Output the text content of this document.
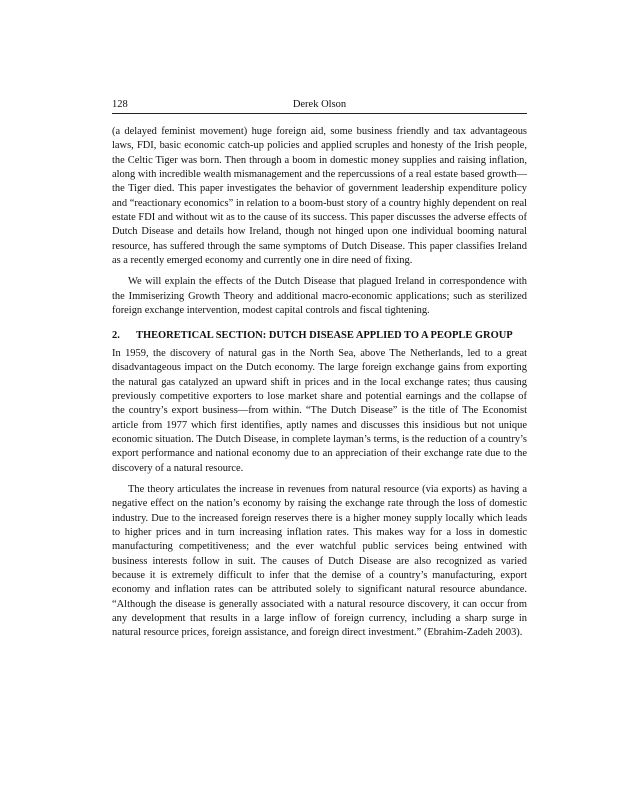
128	Derek Olson

(a delayed feminist movement) huge foreign aid, some business friendly and tax advantageous laws, FDI, basic economic catch-up policies and applied scruples and honesty of the Irish people, the Celtic Tiger was born. Then through a boom in domestic money supplies and raising inflation, along with incredible wealth mismanagement and the repercussions of a real estate based growth—the Tiger died. This paper investigates the behavior of government leadership expenditure policy and “reactionary economics” in relation to a boom-bust story of a country highly dependent on real estate FDI and without wit as to the cause of its success. This paper discusses the adverse effects of Dutch Disease and details how Ireland, though not hinged upon one individual booming natural resource, has suffered through the same symptoms of Dutch Disease. This paper classifies Ireland as a recently emerged economy and currently one in dire need of fixing.

We will explain the effects of the Dutch Disease that plagued Ireland in correspondence with the Immiserizing Growth Theory and additional macro-economic applications; such as sterilized foreign exchange intervention, modest capital controls and fiscal tightening.

2.	THEORETICAL SECTION: DUTCH DISEASE APPLIED TO A PEOPLE GROUP

In 1959, the discovery of natural gas in the North Sea, above The Netherlands, led to a great disadvantageous impact on the Dutch economy. The large foreign exchange gains from exporting the natural gas catalyzed an upward shift in prices and in the local exchange rates; thus causing previously competitive exporters to lose market share and potential earnings and the collapse of the country’s export business—from within. “The Dutch Disease” is the title of The Economist article from 1977 which first identifies, aptly names and discusses this insidious but not unique economic situation. The Dutch Disease, in complete layman’s terms, is the reduction of a country’s export performance and national economy due to an appreciation of their exchange rate due to the discovery of a natural resource.

The theory articulates the increase in revenues from natural resource (via exports) as having a negative effect on the nation’s economy by raising the exchange rate through the loss of domestic industry. Due to the increased foreign reserves there is a higher money supply locally which leads to higher prices and in turn increasing inflation rates. This makes way for a loss in domestic manufacturing competitiveness; and the ever watchful public services being entwined with business interests follow in suit. The causes of Dutch Disease are also recognized as varied because it is extremely difficult to infer that the demise of a country’s manufacturing, export economy and inflation rates can be attributed solely to significant natural resource abundance. “Although the disease is generally associated with a natural resource discovery, it can occur from any development that results in a large inflow of foreign currency, including a sharp surge in natural resource prices, foreign assistance, and foreign direct investment.” (Ebrahim-Zadeh 2003).
